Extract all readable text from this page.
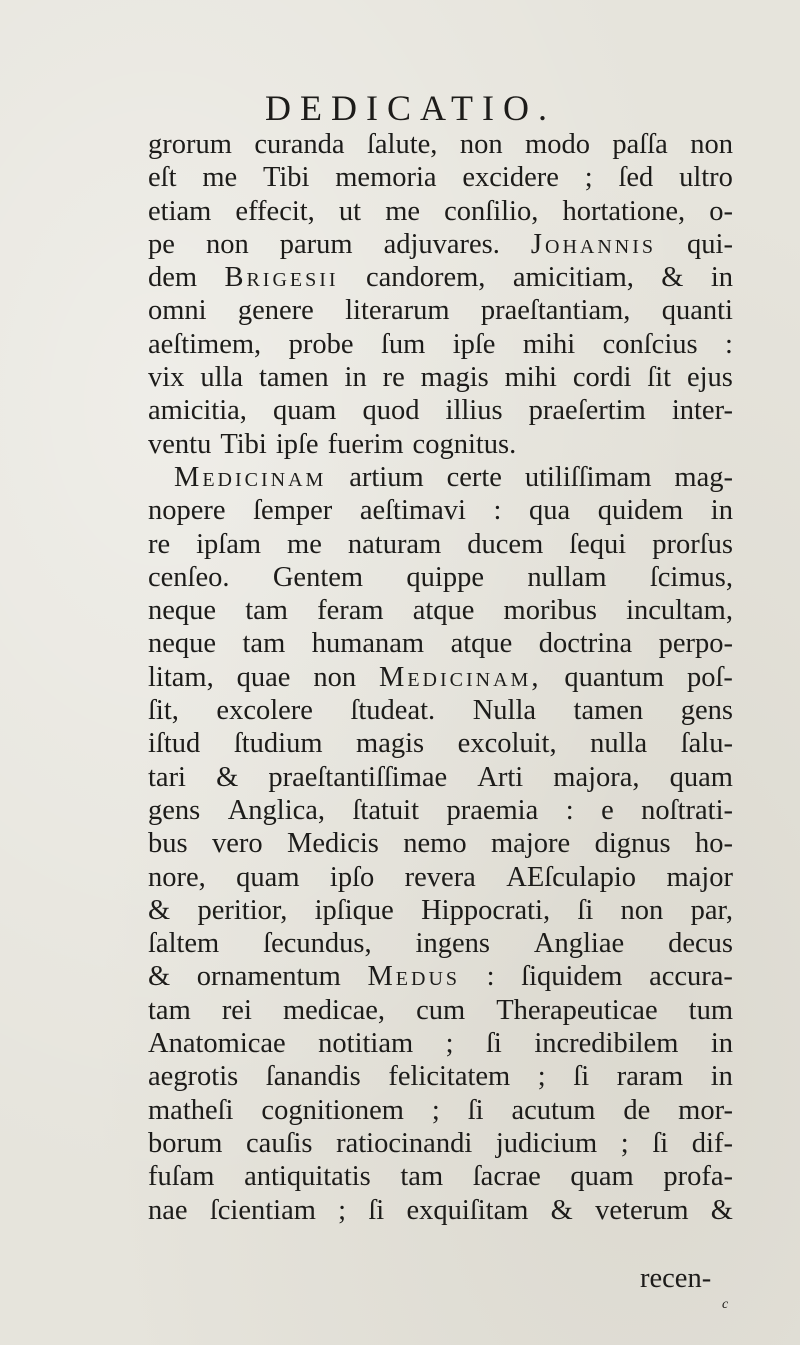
DEDICATIO.
grorum curanda ſalute, non modo paſſa non
eſt me Tibi memoria excidere ; ſed ultro
etiam effecit, ut me conſilio, hortatione, o-
pe non parum adjuvares. Johannis qui-
dem Brigesii candorem, amicitiam, & in
omni genere literarum praeſtantiam, quanti
aeſtimem, probe ſum ipſe mihi conſcius :
vix ulla tamen in re magis mihi cordi ſit ejus
amicitia, quam quod illius praeſertim inter-
ventu Tibi ipſe fuerim cognitus.
Medicinam artium certe utiliſſimam mag-
nopere ſemper aeſtimavi : qua quidem in
re ipſam me naturam ducem ſequi prorſus
cenſeo. Gentem quippe nullam ſcimus,
neque tam feram atque moribus incultam,
neque tam humanam atque doctrina perpo-
litam, quae non Medicinam, quantum poſ-
ſit, excolere ſtudeat. Nulla tamen gens
iſtud ſtudium magis excoluit, nulla ſalu-
tari & praeſtantiſſimae Arti majora, quam
gens Anglica, ſtatuit praemia : e noſtrati-
bus vero Medicis nemo majore dignus ho-
nore, quam ipſo revera AEſculapio major
& peritior, ipſique Hippocrati, ſi non par,
ſaltem ſecundus, ingens Angliae decus
& ornamentum Medus : ſiquidem accura-
tam rei medicae, cum Therapeuticae tum
Anatomicae notitiam ; ſi incredibilem in
aegrotis ſanandis felicitatem ; ſi raram in
matheſi cognitionem ; ſi acutum de mor-
borum cauſis ratiocinandi judicium ; ſi dif-
fuſam antiquitatis tam ſacrae quam profa-
nae ſcientiam ; ſi exquiſitam & veterum &
recen-
c
